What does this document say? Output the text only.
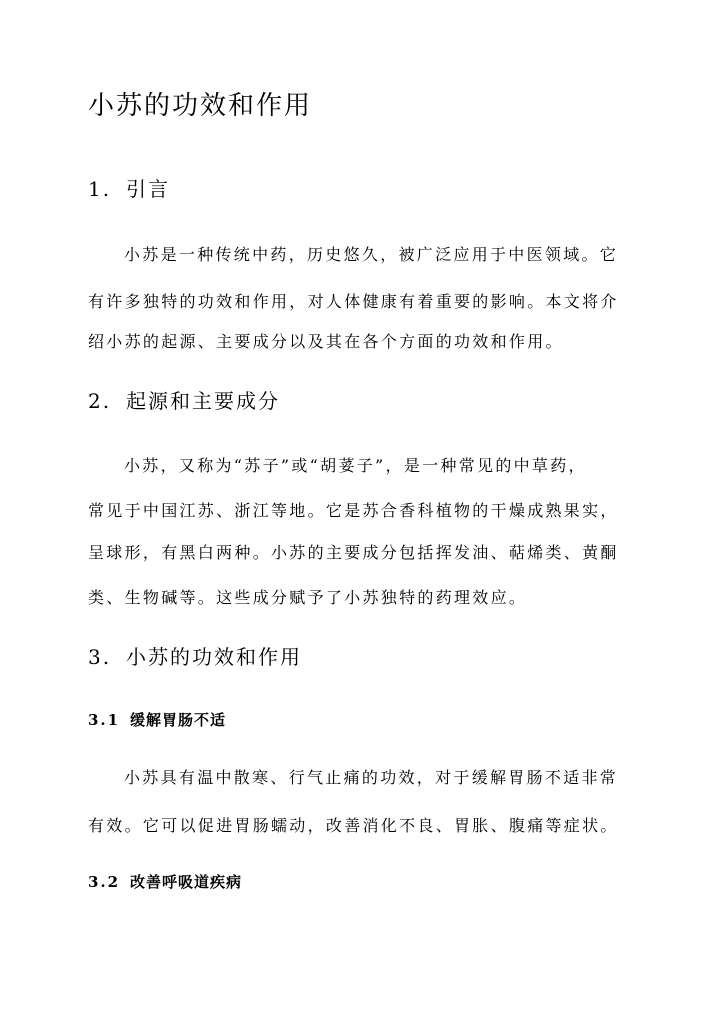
小苏的功效和作用
1. 引言
小苏是一种传统中药，历史悠久，被广泛应用于中医领域。它
有许多独特的功效和作用，对人体健康有着重要的影响。本文将介
绍小苏的起源、主要成分以及其在各个方面的功效和作用。
2. 起源和主要成分
小苏，又称为“苏子”或“胡荽子”，是一种常见的中草药，
常见于中国江苏、浙江等地。它是苏合香科植物的干燥成熟果实，
呈球形，有黑白两种。小苏的主要成分包括挥发油、萜烯类、黄酮
类、生物碱等。这些成分赋予了小苏独特的药理效应。
3. 小苏的功效和作用
3.1 缓解胃肠不适
小苏具有温中散寒、行气止痛的功效，对于缓解胃肠不适非常
有效。它可以促进胃肠蠕动，改善消化不良、胃胀、腹痛等症状。
3.2 改善呼吸道疾病
